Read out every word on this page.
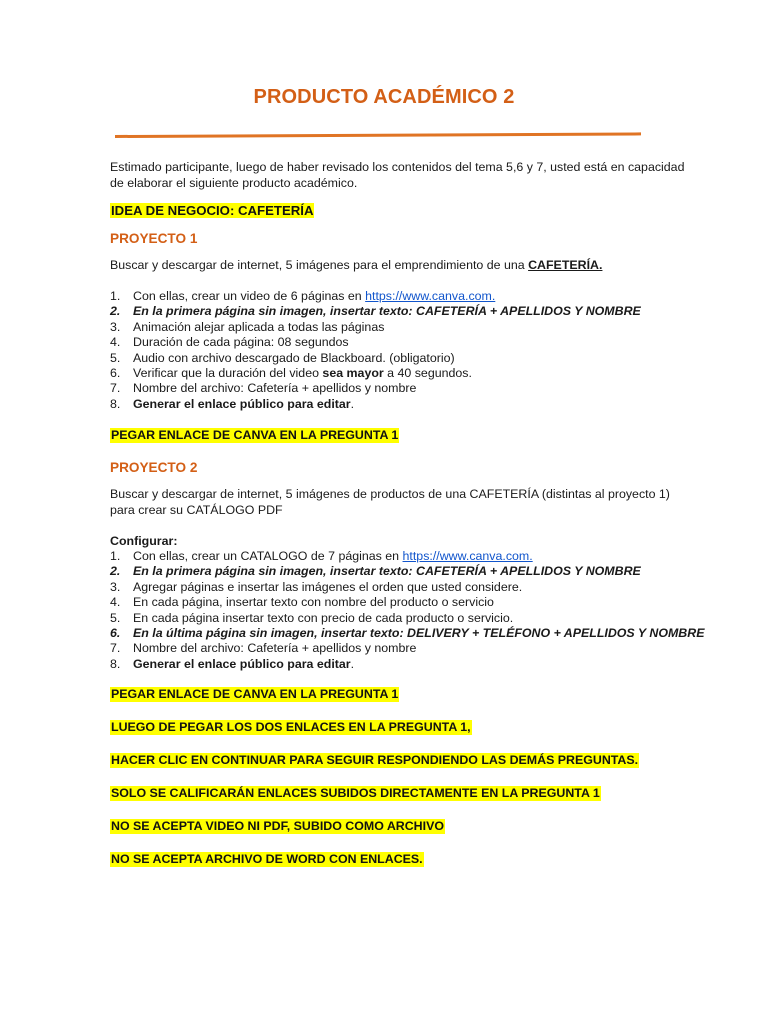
PRODUCTO ACADÉMICO 2
Estimado participante, luego de haber revisado los contenidos del tema 5,6 y 7, usted está en capacidad de elaborar el siguiente producto académico.
IDEA DE NEGOCIO: CAFETERÍA
PROYECTO 1
Buscar y descargar de internet, 5 imágenes para el emprendimiento de una CAFETERÍA.
1. Con ellas, crear un video de 6 páginas en https://www.canva.com.
2. En la primera página sin imagen, insertar texto: CAFETERÍA + APELLIDOS Y NOMBRE
3. Animación alejar aplicada a todas las páginas
4. Duración de cada página: 08 segundos
5. Audio con archivo descargado de Blackboard. (obligatorio)
6. Verificar que la duración del video sea mayor a 40 segundos.
7. Nombre del archivo: Cafetería + apellidos y nombre
8. Generar el enlace público para editar.
PEGAR ENLACE DE CANVA EN LA PREGUNTA 1
PROYECTO 2
Buscar y descargar de internet, 5 imágenes de productos de una CAFETERÍA (distintas al proyecto 1) para crear su CATÁLOGO PDF
Configurar:
1. Con ellas, crear un CATALOGO de 7 páginas en https://www.canva.com.
2. En la primera página sin imagen, insertar texto: CAFETERÍA + APELLIDOS Y NOMBRE
3. Agregar páginas e insertar las imágenes el orden que usted considere.
4. En cada página, insertar texto con nombre del producto o servicio
5. En cada página insertar texto con precio de cada producto o servicio.
6. En la última página sin imagen, insertar texto: DELIVERY + TELÉFONO + APELLIDOS Y NOMBRE
7. Nombre del archivo: Cafetería + apellidos y nombre
8. Generar el enlace público para editar.
PEGAR ENLACE DE CANVA EN LA PREGUNTA 1
LUEGO DE PEGAR LOS DOS ENLACES EN LA PREGUNTA 1,
HACER CLIC EN CONTINUAR PARA SEGUIR RESPONDIENDO LAS DEMÁS PREGUNTAS.
SOLO SE CALIFICARÁN ENLACES SUBIDOS DIRECTAMENTE EN LA PREGUNTA 1
NO SE ACEPTA VIDEO NI PDF, SUBIDO COMO ARCHIVO
NO SE ACEPTA ARCHIVO DE WORD CON ENLACES.
